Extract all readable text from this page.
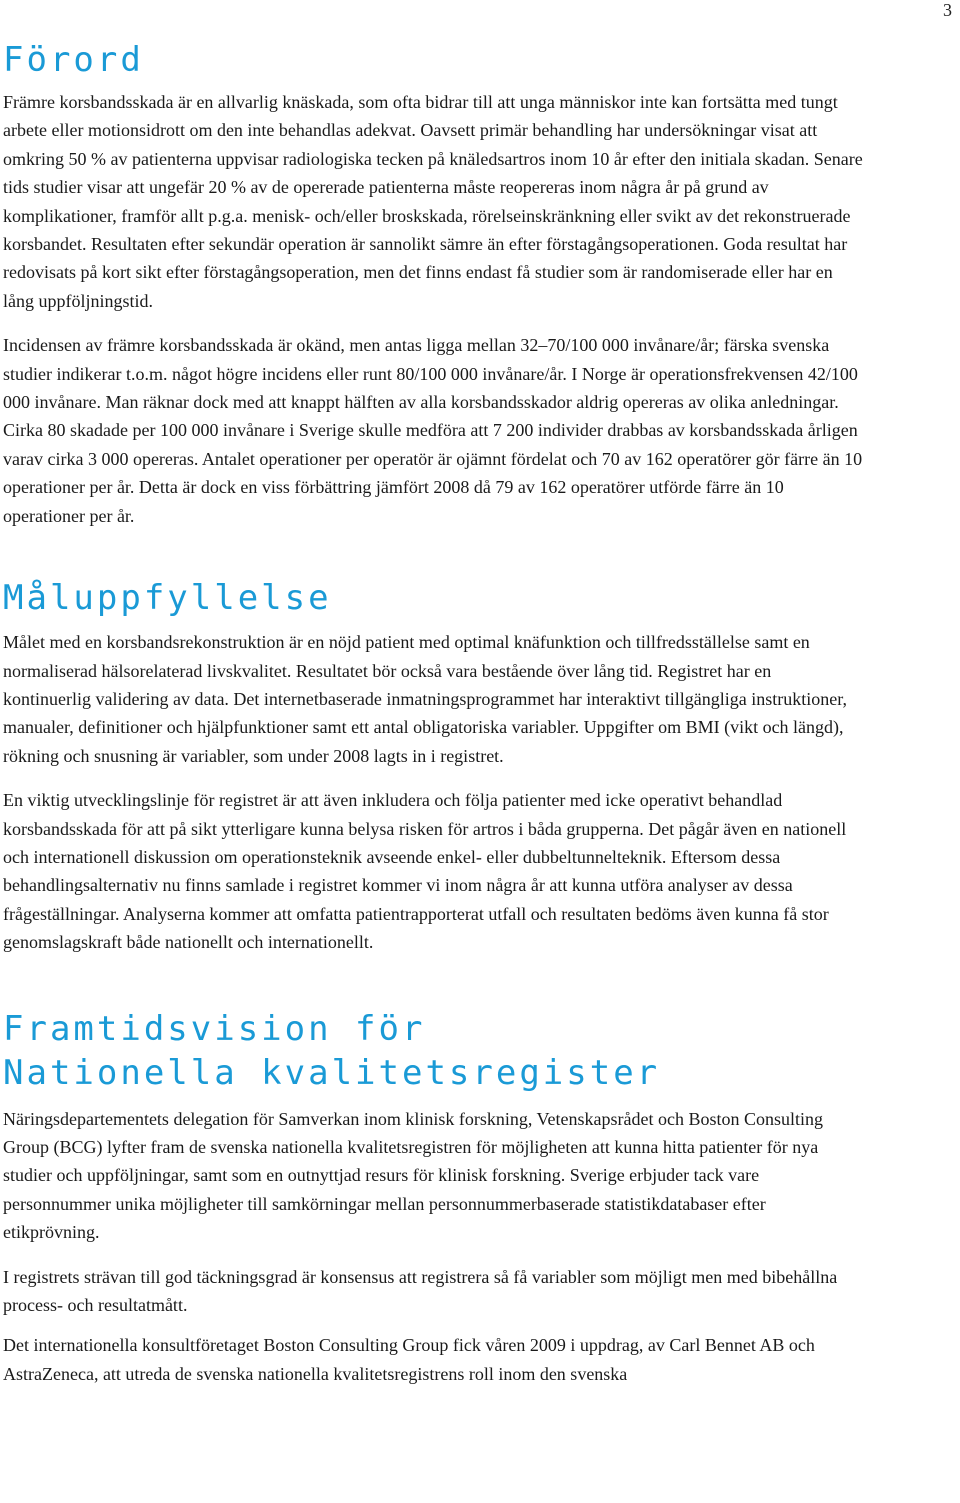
3
Förord

Främre korsbandsskada är en allvarlig knäskada, som ofta bidrar till att unga människor inte kan fortsätta med tungt arbete eller motionsidrott om den inte behandlas adekvat. Oavsett primär behandling har undersökningar visat att omkring 50 % av patienterna uppvisar radiologiska tecken på knäledsartros inom 10 år efter den initiala skadan. Senare tids studier visar att ungefär 20 % av de opererade patienterna måste reopereras inom några år på grund av komplikationer, framför allt p.g.a. menisk- och/eller broskskada, rörelseinskränkning eller svikt av det rekonstruerade korsbandet. Resultaten efter sekundär operation är sannolikt sämre än efter förstagångsoperationen. Goda resultat har redovisats på kort sikt efter förstagångsoperation, men det finns endast få studier som är randomiserade eller har en lång uppföljningstid.

Incidensen av främre korsbandsskada är okänd, men antas ligga mellan 32–70/100 000 invånare/år; färska svenska studier indikerar t.o.m. något högre incidens eller runt 80/100 000 invånare/år. I Norge är operationsfrekvensen 42/100 000 invånare. Man räknar dock med att knappt hälften av alla korsbandsskador aldrig opereras av olika anledningar. Cirka 80 skadade per 100 000 invånare i Sverige skulle medföra att 7 200 individer drabbas av korsbandsskada årligen varav cirka 3 000 opereras. Antalet operationer per operatör är ojämnt fördelat och 70 av 162 operatörer gör färre än 10 operationer per år. Detta är dock en viss förbättring jämfört 2008 då 79 av 162 operatörer utförde färre än 10 operationer per år.

Måluppfyllelse

Målet med en korsbandsrekonstruktion är en nöjd patient med optimal knäfunktion och tillfredsställelse samt en normaliserad hälsorelaterad livskvalitet. Resultatet bör också vara bestående över lång tid. Registret har en kontinuerlig validering av data. Det internetbaserade inmatningsprogrammet har interaktivt tillgängliga instruktioner, manualer, definitioner och hjälpfunktioner samt ett antal obligatoriska variabler. Uppgifter om BMI (vikt och längd), rökning och snusning är variabler, som under 2008 lagts in i registret.

En viktig utvecklingslinje för registret är att även inkludera och följa patienter med icke operativt behandlad korsbandsskada för att på sikt ytterligare kunna belysa risken för artros i båda grupperna. Det pågår även en nationell och internationell diskussion om operationsteknik avseende enkel- eller dubbeltunnelteknik. Eftersom dessa behandlingsalternativ nu finns samlade i registret kommer vi inom några år att kunna utföra analyser av dessa frågeställningar. Analyserna kommer att omfatta patientrapporterat utfall och resultaten bedöms även kunna få stor genomslagskraft både nationellt och internationellt.

Framtidsvision för
Nationella kvalitetsregister

Näringsdepartementets delegation för Samverkan inom klinisk forskning, Vetenskapsrådet och Boston Consulting Group (BCG) lyfter fram de svenska nationella kvalitetsregistren för möjligheten att kunna hitta patienter för nya studier och uppföljningar, samt som en outnyttjad resurs för klinisk forskning. Sverige erbjuder tack vare personnummer unika möjligheter till samkörningar mellan personnummerbaserade statistikdatabaser efter etikprövning.

I registrets strävan till god täckningsgrad är konsensus att registrera så få variabler som möjligt men med bibehållna process- och resultatmått.

Det internationella konsultföretaget Boston Consulting Group fick våren 2009 i uppdrag, av Carl Bennet AB och AstraZeneca, att utreda de svenska nationella kvalitetsregistrens roll inom den svenska
